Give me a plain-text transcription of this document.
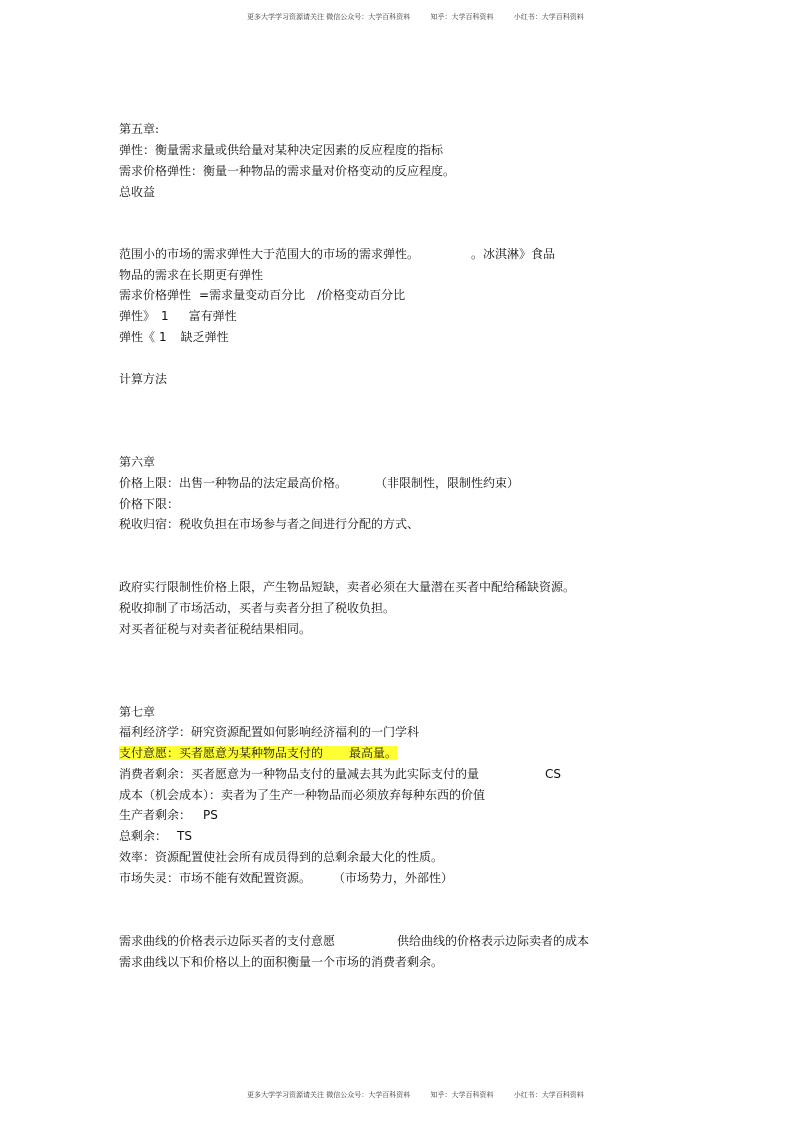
更多大学学习资源请关注 微信公众号：大学百科资料	知乎：大学百科资料	小红书：大学百科资料
第五章:
弹性：衡量需求量或供给量对某种决定因素的反应程度的指标
需求价格弹性：衡量一种物品的需求量对价格变动的反应程度。
总收益
范围小的市场的需求弹性大于范围大的市场的需求弹性。	。冰淇淋》食品
物品的需求在长期更有弹性
需求价格弹性 =需求量变动百分比 /价格变动百分比
弹性》 1 富有弹性
弹性《 1 缺乏弹性
计算方法
第六章
价格上限：出售一种物品的法定最高价格。 （非限制性，限制性约束）
价格下限：
税收归宿：税收负担在市场参与者之间进行分配的方式、
政府实行限制性价格上限，产生物品短缺，卖者必须在大量潜在买者中配给稀缺资源。
税收抑制了市场活动，买者与卖者分担了税收负担。
对买者征税与对卖者征税结果相同。
第七章
福利经济学：研究资源配置如何影响经济福利的一门学科
支付意愿：买者愿意为某种物品支付的 最高量。
消费者剩余：买者愿意为一种物品支付的量减去其为此实际支付的量	CS
成本（机会成本）：卖者为了生产一种物品而必须放弃每种东西的价值
生产者剩余： PS
总剩余： TS
效率：资源配置使社会所有成员得到的总剩余最大化的性质。
市场失灵：市场不能有效配置资源。 （市场势力，外部性）
需求曲线的价格表示边际买者的支付意愿	供给曲线的价格表示边际卖者的成本
需求曲线以下和价格以上的面积衡量一个市场的消费者剩余。
更多大学学习资源请关注 微信公众号：大学百科资料	知乎：大学百科资料	小红书：大学百科资料
